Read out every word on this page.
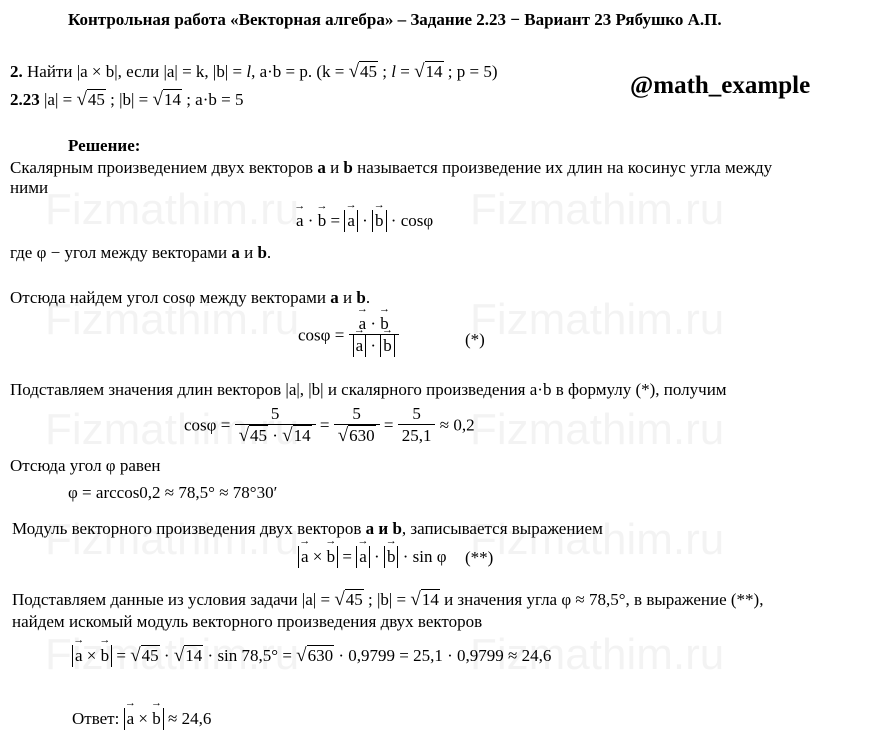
Контрольная работа «Векторная алгебра» – Задание 2.23 − Вариант 23 Рябушко А.П.
2. Найти |a × b|, если |a| = k, |b| = l, a·b = p. (k = √45 ; l = √14 ; p = 5)
2.23 |a| = √45 ; |b| = √14 ; a·b = 5
@math_example
Решение:
Скалярным произведением двух векторов a и b называется произведение их длин на косинус угла между
ними
→ a · → b = → a · → b · cosφ
где φ − угол между векторами a и b.
Отсюда найдем угол cosφ между векторами a и b.
cosφ = → a · → b
→ a · → b	(*)
Подставляем значения длин векторов |a|, |b| и скалярного произведения a·b в формулу (*), получим
$\cos\varphi = \frac{5}{√45 \cdot √14} = \frac{5}{√630} = \frac{5}{25,1} \approx 0,2$
Отсюда угол φ равен
φ = arccos0,2 ≈ 78,5° ≈ 78°30′
Модуль векторного произведения двух векторов a и b, записывается выражением
→ a × → b = → a · → b · sin φ (**)
Подставляем данные из условия задачи |a| = √45 ; |b| = √14 и значения угла φ ≈ 78,5°, в выражение (**),
найдем искомый модуль векторного произведения двух векторов
→ a × → b = √45 · √14 · sin 78,5° = √630 · 0,9799 = 25,1 · 0,9799 ≈ 24,6
Ответ: → a × → b ≈ 24,6
